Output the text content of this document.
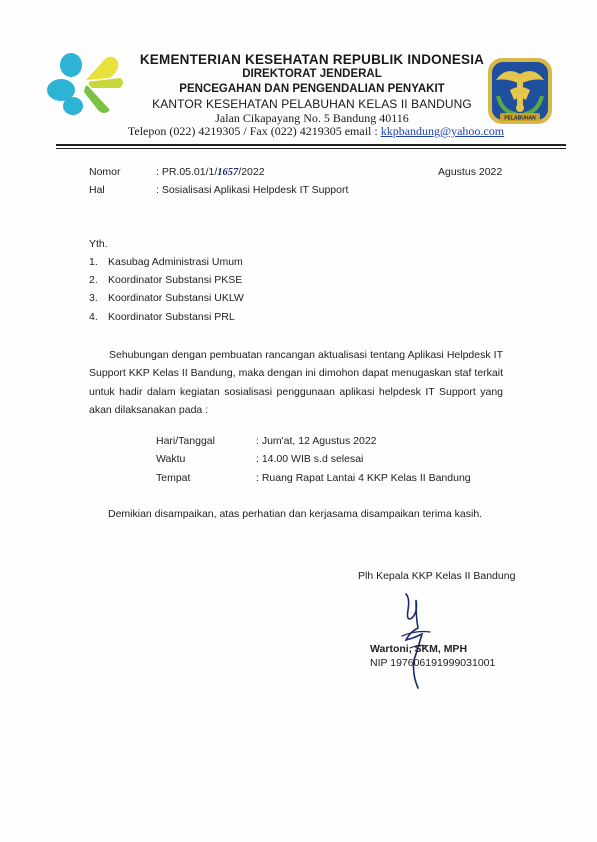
KEMENTERIAN KESEHATAN REPUBLIK INDONESIA
DIREKTORAT JENDERAL
PENCEGAHAN DAN PENGENDALIAN PENYAKIT
KANTOR KESEHATAN PELABUHAN KELAS II BANDUNG
Jalan Cikapayang No. 5 Bandung 40116
Telepon (022) 4219305 / Fax (022) 4219305 email : kkpbandung@yahoo.com
PELABUHAN
Nomor	: PR.05.01/1/1657/2022	Agustus 2022
Hal	: Sosialisasi Aplikasi Helpdesk IT Support
Yth.
1. Kasubag Administrasi Umum
2. Koordinator Substansi PKSE
3. Koordinator Substansi UKLW
4. Koordinator Substansi PRL
Sehubungan dengan pembuatan rancangan aktualisasi tentang Aplikasi Helpdesk IT Support KKP Kelas II Bandung, maka dengan ini dimohon dapat menugaskan staf terkait untuk hadir dalam kegiatan sosialisasi penggunaan aplikasi helpdesk IT Support yang akan dilaksanakan pada :
Hari/Tanggal	: Jum'at, 12 Agustus 2022
Waktu	: 14.00 WIB s.d selesai
Tempat	: Ruang Rapat Lantai 4 KKP Kelas II Bandung
Demikian disampaikan, atas perhatian dan kerjasama disampaikan terima kasih.
Plh Kepala KKP Kelas II Bandung
Wartoni, SKM, MPH
NIP 197606191999031001
